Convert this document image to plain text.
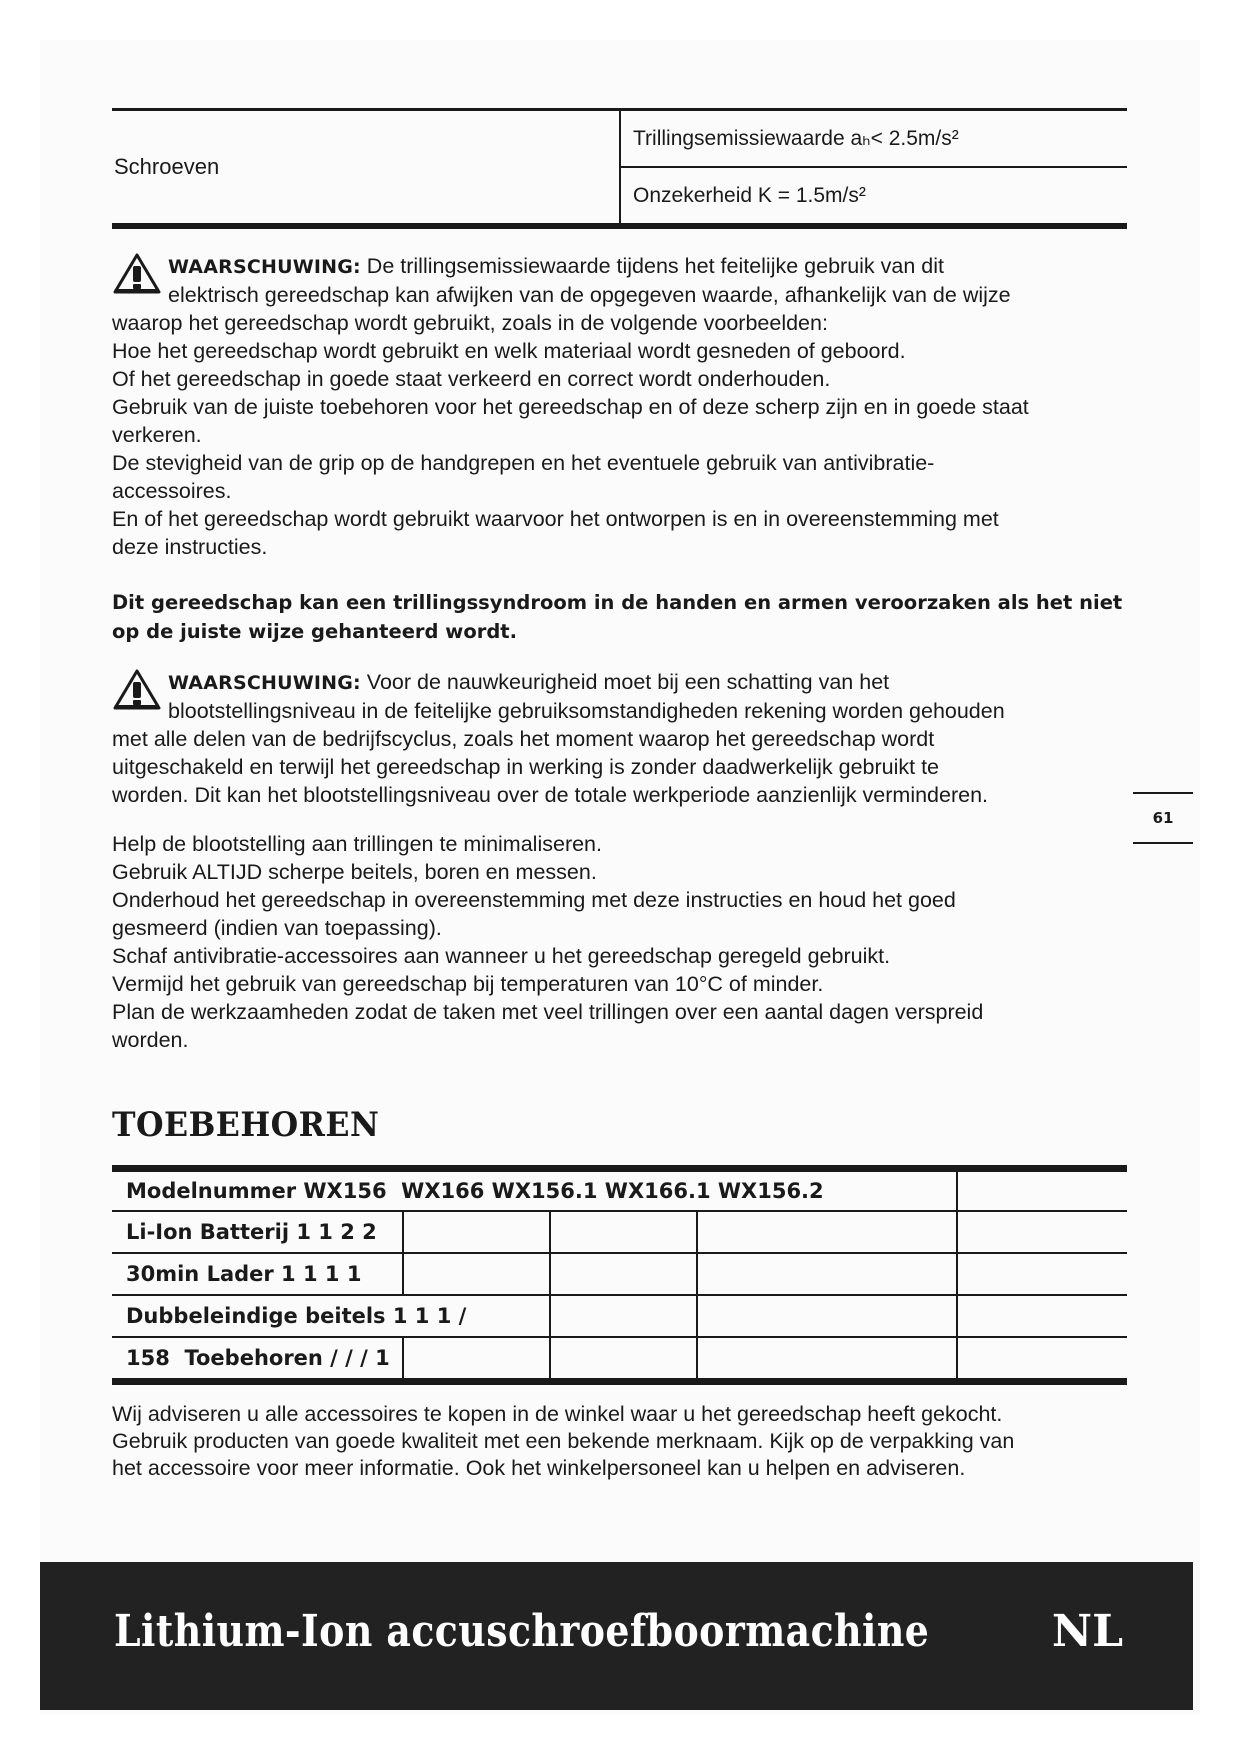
Schroeven
Trillingsemissiewaarde aₕ< 2.5m/s²
Onzekerheid K = 1.5m/s²
WAARSCHUWING: De trillingsemissiewaarde tijdens het feitelijke gebruik van dit
elektrisch gereedschap kan afwijken van de opgegeven waarde, afhankelijk van de wijze
waarop het gereedschap wordt gebruikt, zoals in de volgende voorbeelden:
Hoe het gereedschap wordt gebruikt en welk materiaal wordt gesneden of geboord.
Of het gereedschap in goede staat verkeerd en correct wordt onderhouden.
Gebruik van de juiste toebehoren voor het gereedschap en of deze scherp zijn en in goede staat
verkeren.
De stevigheid van de grip op de handgrepen en het eventuele gebruik van antivibratie-
accessoires.
En of het gereedschap wordt gebruikt waarvoor het ontworpen is en in overeenstemming met
deze instructies.
Dit gereedschap kan een trillingssyndroom in de handen en armen veroorzaken als het niet op de juiste wijze gehanteerd wordt.
WAARSCHUWING: Voor de nauwkeurigheid moet bij een schatting van het
blootstellingsniveau in de feitelijke gebruiksomstandigheden rekening worden gehouden
met alle delen van de bedrijfscyclus, zoals het moment waarop het gereedschap wordt
uitgeschakeld en terwijl het gereedschap in werking is zonder daadwerkelijk gebruikt te
worden. Dit kan het blootstellingsniveau over de totale werkperiode aanzienlijk verminderen.
Help de blootstelling aan trillingen te minimaliseren.
Gebruik ALTIJD scherpe beitels, boren en messen.
Onderhoud het gereedschap in overeenstemming met deze instructies en houd het goed
gesmeerd (indien van toepassing).
Schaf antivibratie-accessoires aan wanneer u het gereedschap geregeld gebruikt.
Vermijd het gebruik van gereedschap bij temperaturen van 10°C of minder.
Plan de werkzaamheden zodat de taken met veel trillingen over een aantal dagen verspreid
worden.
TOEBEHOREN
Modelnummer WX156  WX166 WX156.1 WX166.1 WX156.2
Li-Ion Batterij 1 1 2 2
30min Lader 1 1 1 1
Dubbeleindige beitels 1 1 1 /
158  Toebehoren / / / 1
Wij adviseren u alle accessoires te kopen in de winkel waar u het gereedschap heeft gekocht.
Gebruik producten van goede kwaliteit met een bekende merknaam. Kijk op de verpakking van
het accessoire voor meer informatie. Ook het winkelpersoneel kan u helpen en adviseren.
61
Lithium-Ion accuschroefboormachine	NL
